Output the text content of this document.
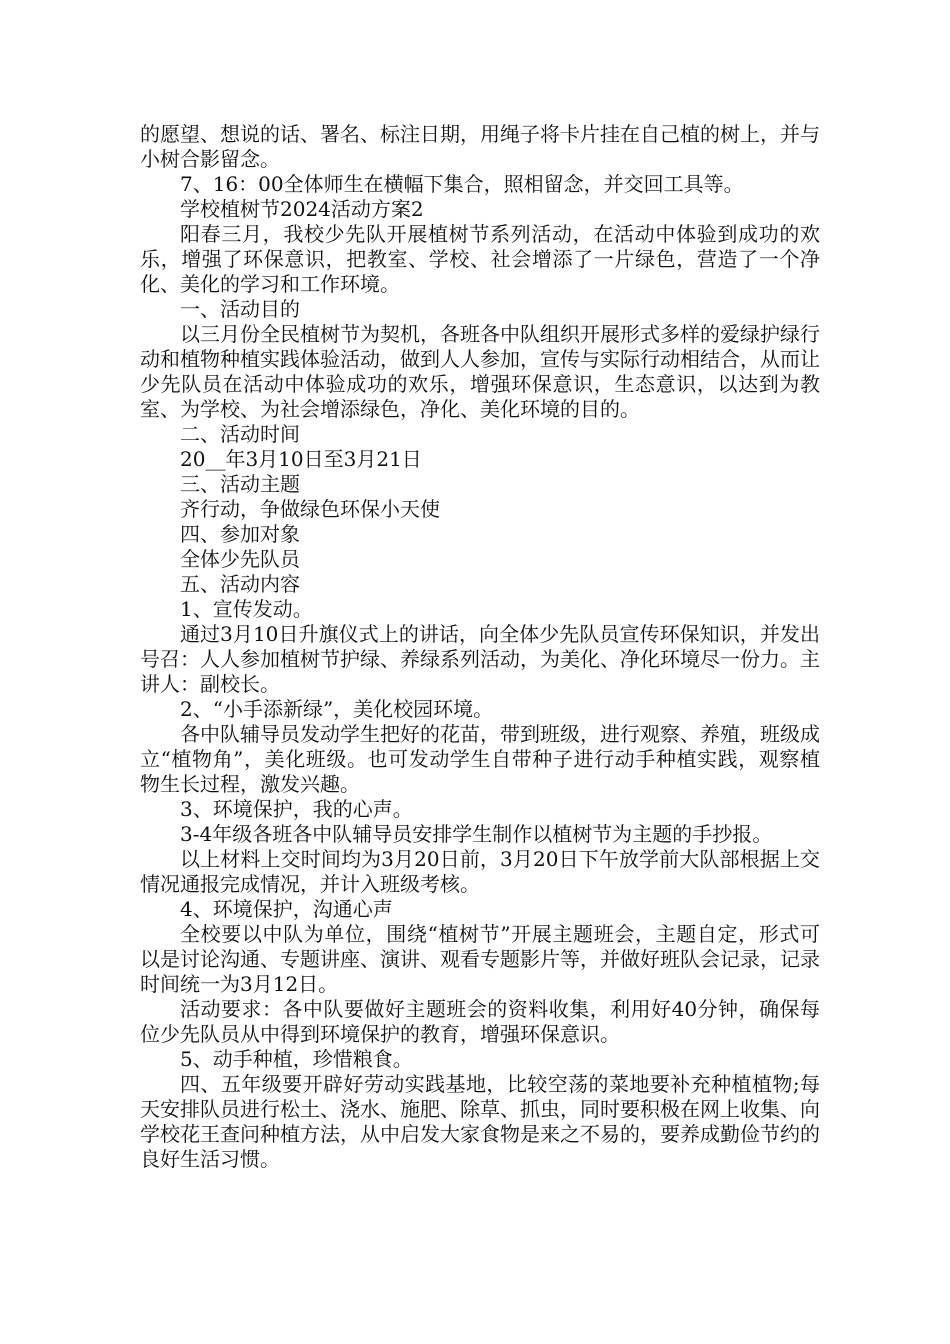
的愿望、想说的话、署名、标注日期，用绳子将卡片挂在自己植的树上，并与小树合影留念。

7、16：00全体师生在横幅下集合，照相留念，并交回工具等。

学校植树节2024活动方案2

阳春三月，我校少先队开展植树节系列活动，在活动中体验到成功的欢乐，增强了环保意识，把教室、学校、社会增添了一片绿色，营造了一个净化、美化的学习和工作环境。

一、活动目的

以三月份全民植树节为契机，各班各中队组织开展形式多样的爱绿护绿行动和植物种植实践体验活动，做到人人参加，宣传与实际行动相结合，从而让少先队员在活动中体验成功的欢乐，增强环保意识，生态意识，以达到为教室、为学校、为社会增添绿色，净化、美化环境的目的。

二、活动时间

20__年3月10日至3月21日

三、活动主题

齐行动，争做绿色环保小天使

四、参加对象

全体少先队员

五、活动内容

1、宣传发动。

通过3月10日升旗仪式上的讲话，向全体少先队员宣传环保知识，并发出号召：人人参加植树节护绿、养绿系列活动，为美化、净化环境尽一份力。主讲人：副校长。

2、“小手添新绿”，美化校园环境。

各中队辅导员发动学生把好的花苗，带到班级，进行观察、养殖，班级成立“植物角”，美化班级。也可发动学生自带种子进行动手种植实践，观察植物生长过程，激发兴趣。

3、环境保护，我的心声。

3-4年级各班各中队辅导员安排学生制作以植树节为主题的手抄报。

以上材料上交时间均为3月20日前，3月20日下午放学前大队部根据上交情况通报完成情况，并计入班级考核。

4、环境保护，沟通心声

全校要以中队为单位，围绕“植树节”开展主题班会，主题自定，形式可以是讨论沟通、专题讲座、演讲、观看专题影片等，并做好班队会记录，记录时间统一为3月12日。

活动要求：各中队要做好主题班会的资料收集，利用好40分钟，确保每位少先队员从中得到环境保护的教育，增强环保意识。

5、动手种植，珍惜粮食。

四、五年级要开辟好劳动实践基地，比较空荡的菜地要补充种植植物;每天安排队员进行松土、浇水、施肥、除草、抓虫，同时要积极在网上收集、向学校花王查问种植方法，从中启发大家食物是来之不易的，要养成勤俭节约的良好生活习惯。
